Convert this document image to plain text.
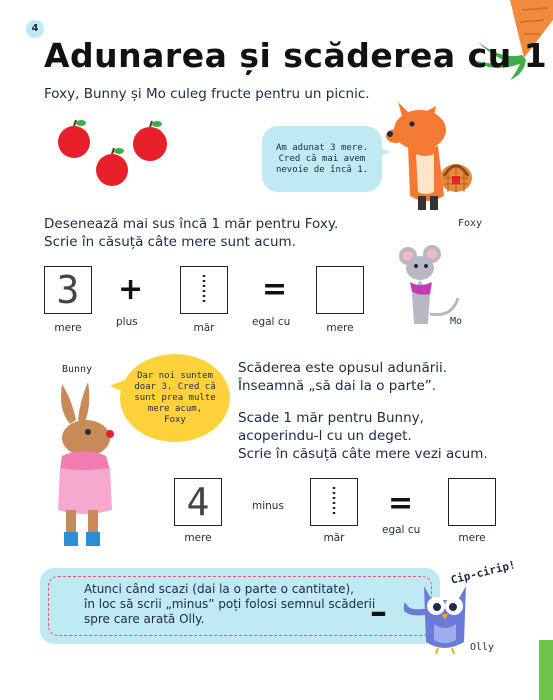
4
Adunarea și scăderea cu 1
Foxy, Bunny și Mo culeg fructe pentru un picnic.
Am adunat 3 mere.
Cred că mai avem
nevoie de încă 1.
Foxy
Desenează mai sus încă 1 măr pentru Foxy.
Scrie în căsuță câte mere sunt acum.
3
mere
+
plus	măr
=
egal cu	mere
Mo
Bunny
Dar noi suntem
doar 3. Cred că
sunt prea multe
mere acum,
Foxy
Scăderea este opusul adunării.
Înseamnă „să dai la o parte”.
Scade 1 măr pentru Bunny,
acoperindu-l cu un deget.
Scrie în căsuță câte mere vezi acum.
4
mere
minus
măr
=
egal cu
mere
Atunci când scazi (dai la o parte o cantitate),
în loc să scrii „minus” poți folosi semnul scăderii
spre care arată Olly.	–
Cip-cirip!
Olly
